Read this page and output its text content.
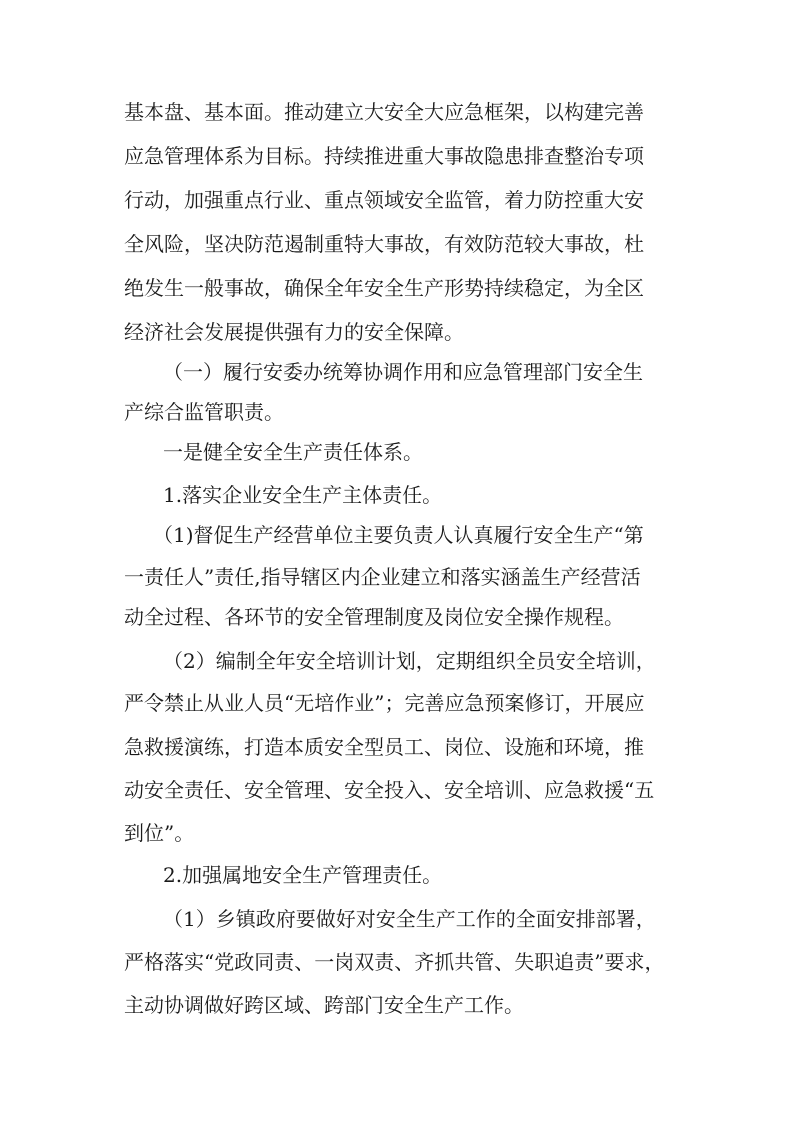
基本盘、基本面。推动建立大安全大应急框架，以构建完善
应急管理体系为目标。持续推进重大事故隐患排查整治专项
行动，加强重点行业、重点领域安全监管，着力防控重大安
全风险，坚决防范遏制重特大事故，有效防范较大事故，杜
绝发生一般事故，确保全年安全生产形势持续稳定，为全区
经济社会发展提供强有力的安全保障。
（一）履行安委办统筹协调作用和应急管理部门安全生
产综合监管职责。
一是健全安全生产责任体系。
1.落实企业安全生产主体责任。
（1)督促生产经营单位主要负责人认真履行安全生产“第
一责任人”责任,指导辖区内企业建立和落实涵盖生产经营活
动全过程、各环节的安全管理制度及岗位安全操作规程。
（2）编制全年安全培训计划，定期组织全员安全培训，
严令禁止从业人员“无培作业”；完善应急预案修订，开展应
急救援演练，打造本质安全型员工、岗位、设施和环境，推
动安全责任、安全管理、安全投入、安全培训、应急救援“五
到位”。
2.加强属地安全生产管理责任。
（1）乡镇政府要做好对安全生产工作的全面安排部署，
严格落实“党政同责、一岗双责、齐抓共管、失职追责”要求，
主动协调做好跨区域、跨部门安全生产工作。
